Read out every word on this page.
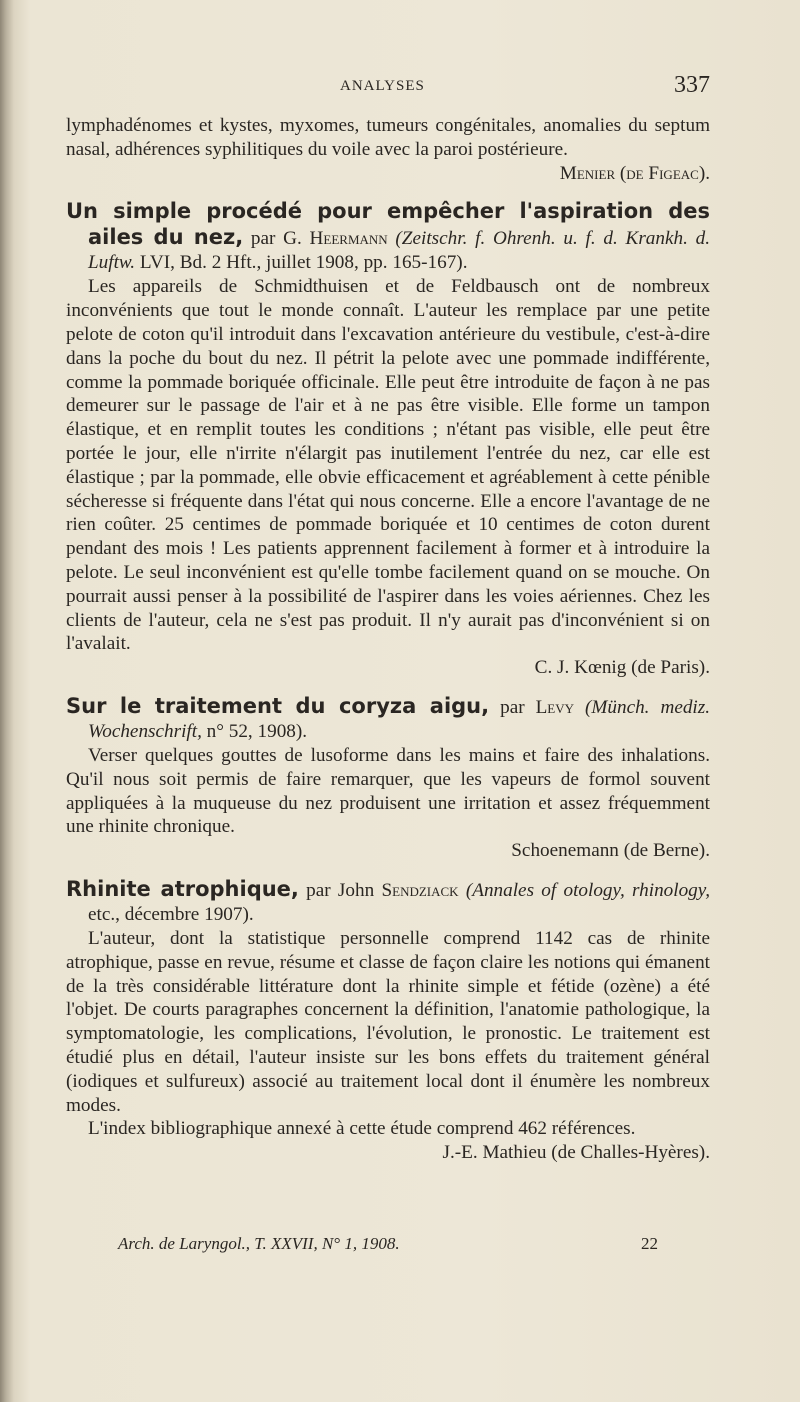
ANALYSES	337

lymphadénomes et kystes, myxomes, tumeurs congénitales, anomalies du septum nasal, adhérences syphilitiques du voile avec la paroi postérieure.

Menier (de Figeac).

Un simple procédé pour empêcher l'aspiration des ailes du nez, par G. Heermann (Zeitschr. f. Ohrenh. u. f. d. Krankh. d. Luftw. LVI, Bd. 2 Hft., juillet 1908, pp. 165-167).

Les appareils de Schmidthuisen et de Feldbausch ont de nombreux inconvénients que tout le monde connaît. L'auteur les remplace par une petite pelote de coton qu'il introduit dans l'excavation antérieure du vestibule, c'est-à-dire dans la poche du bout du nez. Il pétrit la pelote avec une pommade indifférente, comme la pommade boriquée officinale. Elle peut être introduite de façon à ne pas demeurer sur le passage de l'air et à ne pas être visible. Elle forme un tampon élastique, et en remplit toutes les conditions ; n'étant pas visible, elle peut être portée le jour, elle n'irrite n'élargit pas inutilement l'entrée du nez, car elle est élastique ; par la pommade, elle obvie efficacement et agréablement à cette pénible sécheresse si fréquente dans l'état qui nous concerne. Elle a encore l'avantage de ne rien coûter. 25 centimes de pommade boriquée et 10 centimes de coton durent pendant des mois ! Les patients apprennent facilement à former et à introduire la pelote. Le seul inconvénient est qu'elle tombe facilement quand on se mouche. On pourrait aussi penser à la possibilité de l'aspirer dans les voies aériennes. Chez les clients de l'auteur, cela ne s'est pas produit. Il n'y aurait pas d'inconvénient si on l'avalait.

C. J. Kœnig (de Paris).

Sur le traitement du coryza aigu, par Levy (Münch. mediz. Wochenschrift, n° 52, 1908).

Verser quelques gouttes de lusoforme dans les mains et faire des inhalations. Qu'il nous soit permis de faire remarquer, que les vapeurs de formol souvent appliquées à la muqueuse du nez produisent une irritation et assez fréquemment une rhinite chronique.

Schoenemann (de Berne).

Rhinite atrophique, par John Sendziack (Annales of otology, rhinology, etc., décembre 1907).

L'auteur, dont la statistique personnelle comprend 1142 cas de rhinite atrophique, passe en revue, résume et classe de façon claire les notions qui émanent de la très considérable littérature dont la rhinite simple et fétide (ozène) a été l'objet. De courts paragraphes concernent la définition, l'anatomie pathologique, la symptomatologie, les complications, l'évolution, le pronostic. Le traitement est étudié plus en détail, l'auteur insiste sur les bons effets du traitement général (iodiques et sulfureux) associé au traitement local dont il énumère les nombreux modes.

L'index bibliographique annexé à cette étude comprend 462 références.

J.-E. Mathieu (de Challes-Hyères).

Arch. de Laryngol., T. XXVII, N° 1, 1908.	22
